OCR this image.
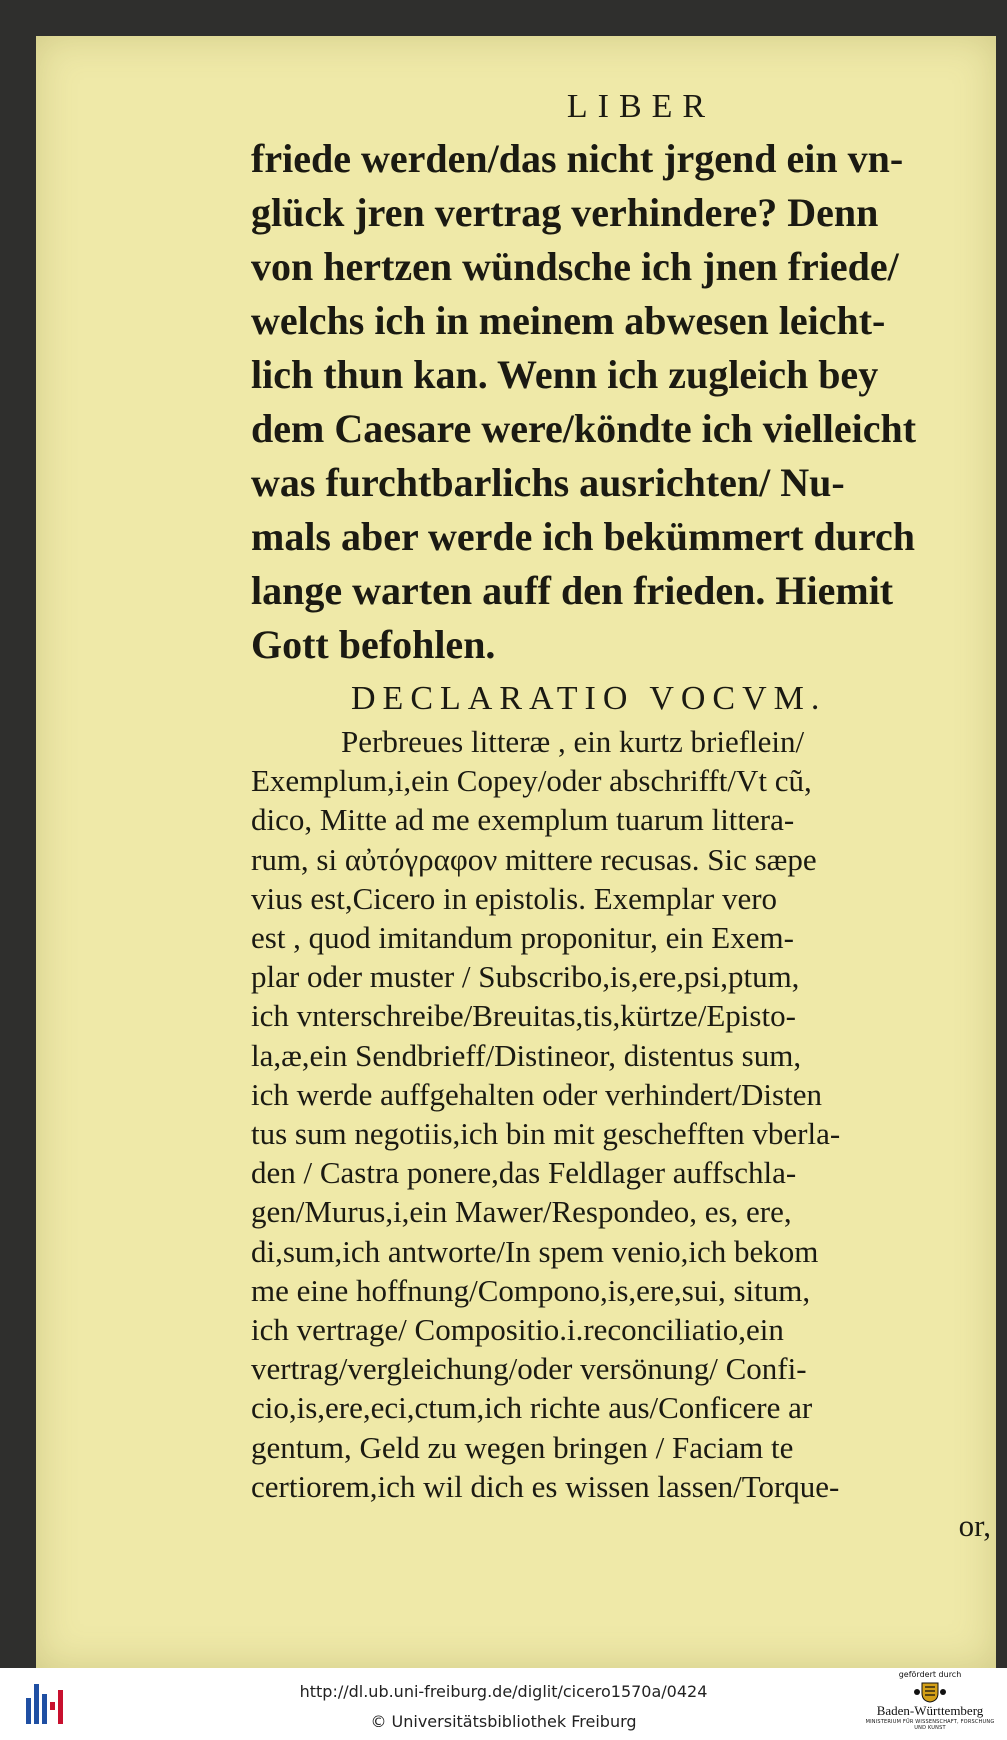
LIBER
friede werden/das nicht jrgend ein vn-
glück jren vertrag verhindere? Denn
von hertzen wündsche ich jnen friede/
welchs ich in meinem abwesen leicht-
lich thun kan. Wenn ich zugleich bey
dem Caesare were/köndte ich vielleicht
was furchtbarlichs ausrichten/ Nu-
mals aber werde ich bekümmert durch
lange warten auff den frieden. Hiemit
Gott befohlen.
DECLARATIO VOCVM.
Perbreues litteræ , ein kurtz brieflein/
Exemplum,i,ein Copey/oder abschrifft/Vt cũ,
dico, Mitte ad me exemplum tuarum littera-
rum, si αὐτόγραφον mittere recusas. Sic sæpe
vius est,Cicero in epistolis. Exemplar vero
est , quod imitandum proponitur, ein Exem-
plar oder muster / Subscribo,is,ere,psi,ptum,
ich vnterschreibe/Breuitas,tis,kürtze/Episto-
la,æ,ein Sendbrieff/Distineor, distentus sum,
ich werde auffgehalten oder verhindert/Disten
tus sum negotiis,ich bin mit geschefften vberla-
den / Castra ponere,das Feldlager auffschla-
gen/Murus,i,ein Mawer/Respondeo, es, ere,
di,sum,ich antworte/In spem venio,ich bekom
me eine hoffnung/Compono,is,ere,sui, situm,
ich vertrage/ Compositio.i.reconciliatio,ein
vertrag/vergleichung/oder versönung/ Confi-
cio,is,ere,eci,ctum,ich richte aus/Conficere ar
gentum, Geld zu wegen bringen / Faciam te
certiorem,ich wil dich es wissen lassen/Torque-
or,
http://dl.ub.uni-freiburg.de/diglit/cicero1570a/0424
© Universitätsbibliothek Freiburg
gefördert durch
Baden-Württemberg
MINISTERIUM FÜR WISSENSCHAFT, FORSCHUNG UND KUNST
